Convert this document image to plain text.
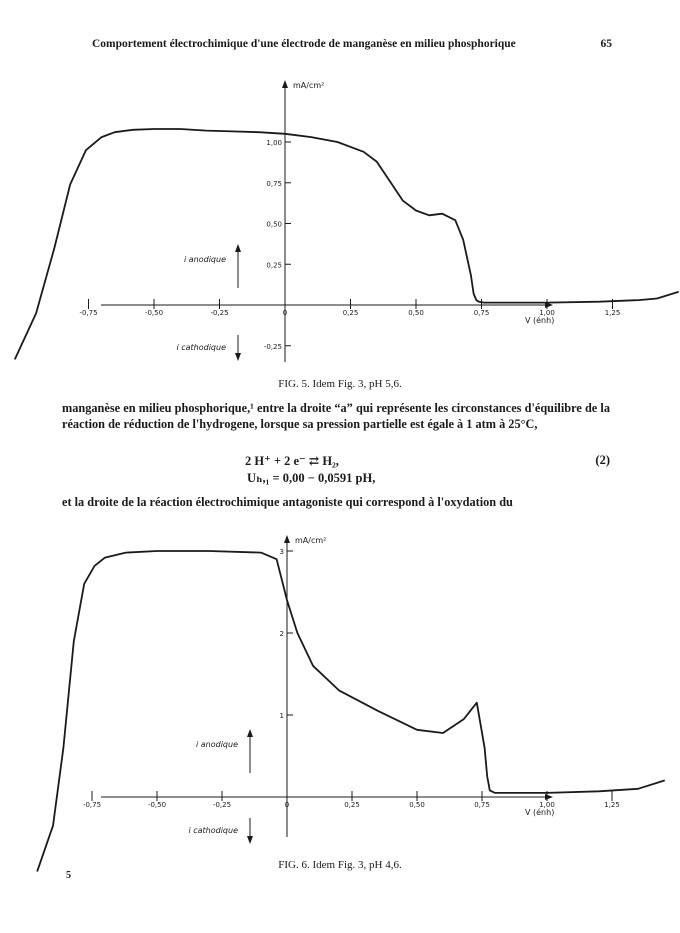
Comportement électrochimique d'une électrode de manganèse en milieu phosphorique	65
mA/cm²
V (énh)
-0,75	-0,50	-0,25	0	0,25	0,50	0,75	1,00	1,25
1,00
0,75
0,50
0,25
-0,25
i anodique
i cathodique
FIG. 5. Idem Fig. 3, pH 5,6.
manganèse en milieu phosphorique,¹ entre la droite “a” qui représente les circonstances d'équilibre de la réaction de réduction de l'hydrogene, lorsque sa pression partielle est égale à 1 atm à 25°C,
2 H⁺ + 2 e⁻ ⇄ H₂,	(2)
Uₕ,₁ = 0,00 − 0,0591 pH,
et la droite de la réaction électrochimique antagoniste qui correspond à l'oxydation du
mA/cm²
V (énh)
-0,75	-0,50	-0,25	0	0,25	0,50	0,75	1,00	1,25
3
2
1
i anodique
i cathodique
FIG. 6. Idem Fig. 3, pH 4,6.
5
